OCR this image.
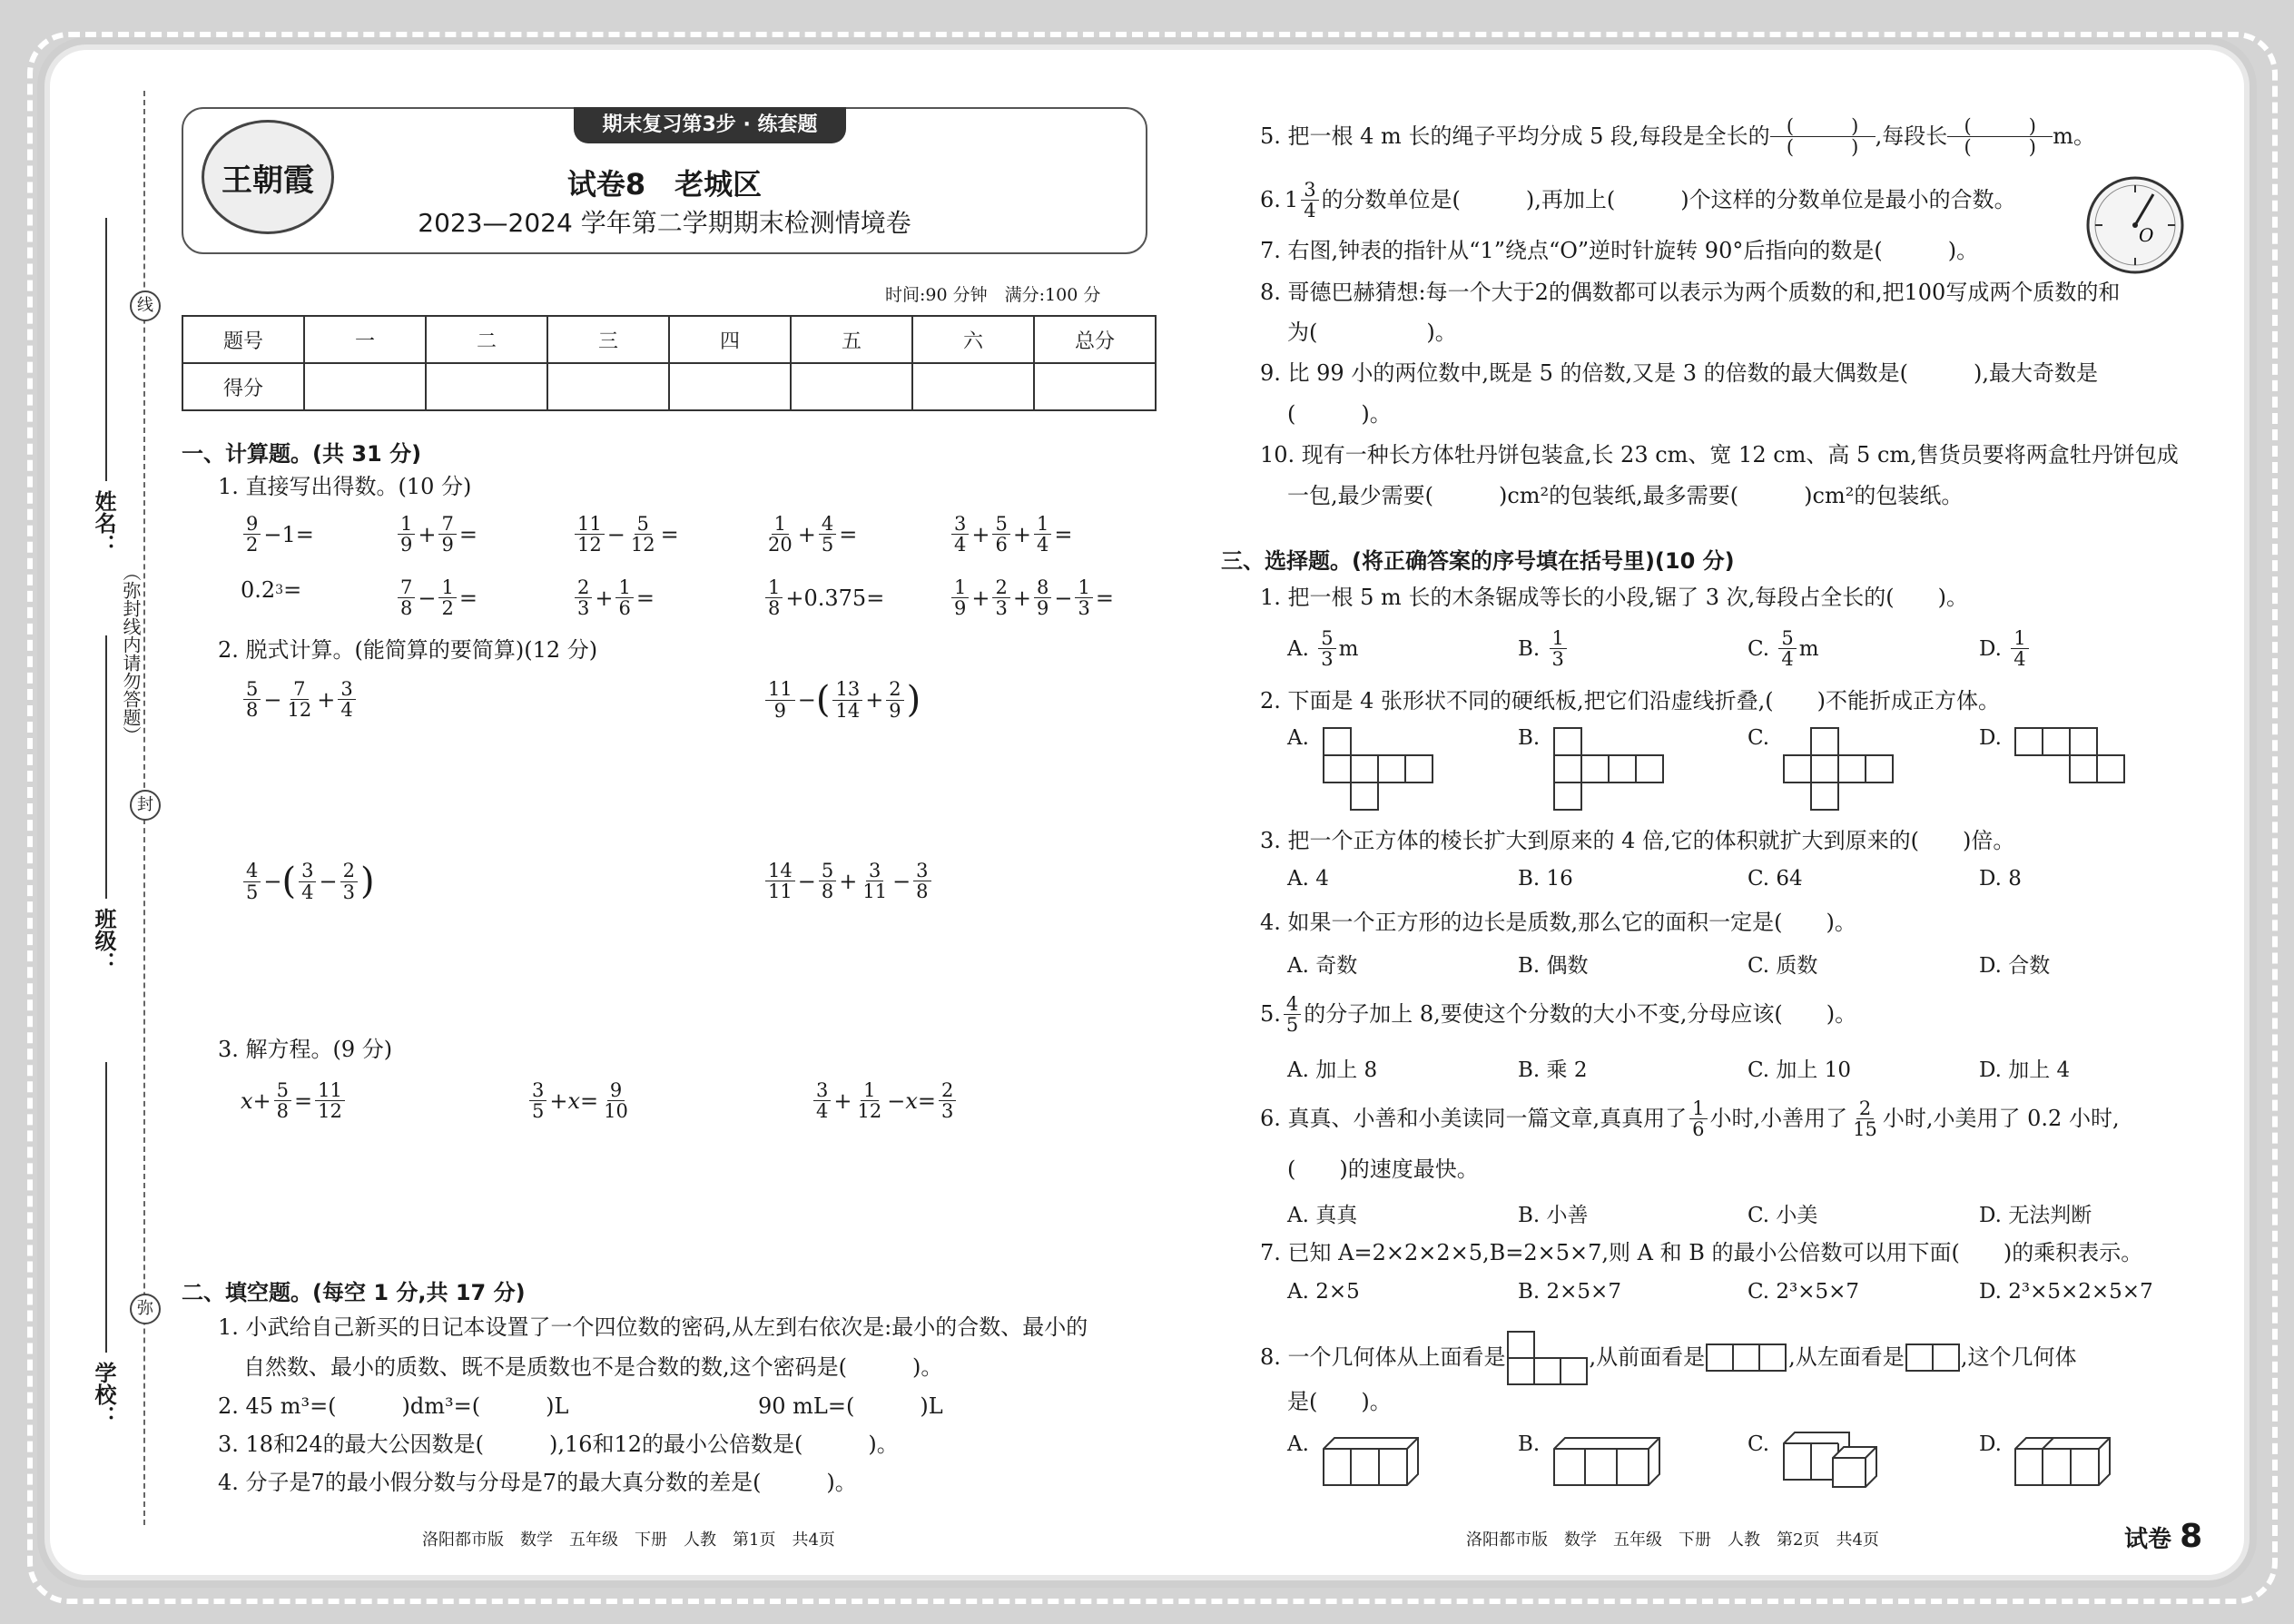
线
封
弥
（弥封线内请勿答题）
姓名：
班级：
学校：
期末复习第3步 · 练套题
王朝霞	试卷8　老城区
2023—2024 学年第二学期期末检测情境卷
时间:90 分钟　满分:100 分
题号	一	二	三	四	五	六	总分
得分							
一、计算题。(共 31 分)
1. 直接写出得数。(10 分)
$\frac{9}{2} -1=$	$\frac{1}{9} + \frac{7}{9}$ =	$\frac{11}{12} - \frac{5}{12}$ =	$\frac{1}{20} + \frac{4}{5}$ =	$\frac{3}{4} + \frac{5}{6} + \frac{1}{4}$ =
0.2 3 =	$\frac{7}{8} - \frac{1}{2}$ =	$\frac{2}{3} + \frac{1}{6}$ =	$\frac{1}{8} +0.375=$	$\frac{1}{9} + \frac{2}{3} + \frac{8}{9} - \frac{1}{3}$ =
2. 脱式计算。(能简算的要简算)(12 分)
$\frac{5}{8} - \frac{7}{12} + \frac{3}{4}$	$\frac{11}{9}$ − ( $\frac{13}{14} + \frac{2}{9}$ )
$\frac{4}{5}$ − ( $\frac{3}{4} - \frac{2}{3}$ )	$\frac{14}{11} - \frac{5}{8} + \frac{3}{11} - \frac{3}{8}$
3. 解方程。(9 分)
$x + \frac{5}{8} = \frac{11}{12}$	$\frac{3}{5} + x = \frac{9}{10}$	$\frac{3}{4} + \frac{1}{12} - x = \frac{2}{3}$
二、填空题。(每空 1 分,共 17 分)
1. 小武给自己新买的日记本设置了一个四位数的密码,从左到右依次是:最小的合数、最小的
自然数、最小的质数、既不是质数也不是合数的数,这个密码是(　　　)。
2. 45 m³=(　　　)dm³=(　　　)L	90 mL=(　　　)L
3. 18和24的最大公因数是(　　　),16和12的最小公倍数是(　　　)。
4. 分子是7的最小假分数与分母是7的最大真分数的差是(　　　)。
洛阳都市版　数学　五年级　下册　人教　第1页　共4页
5. 把一根 4 m 长的绳子平均分成 5 段,每段是全长的 $\frac{( )}{( )}$ ,每段长 $\frac{( )}{( )}$ m。
6. $1 \frac{3}{4}$ 的分数单位是(　　　),再加上(　　　)个这样的分数单位是最小的合数。
O
7. 右图,钟表的指针从“1”绕点“O”逆时针旋转 90°后指向的数是(　　　)。
8. 哥德巴赫猜想:每一个大于2的偶数都可以表示为两个质数的和,把100写成两个质数的和
为(　　　　　)。
9. 比 99 小的两位数中,既是 5 的倍数,又是 3 的倍数的最大偶数是(　　　),最大奇数是
(　　　)。
10. 现有一种长方体牡丹饼包装盒,长 23 cm、宽 12 cm、高 5 cm,售货员要将两盒牡丹饼包成
一包,最少需要(　　　)cm²的包装纸,最多需要(　　　)cm²的包装纸。
三、选择题。(将正确答案的序号填在括号里)(10 分)
1. 把一根 5 m 长的木条锯成等长的小段,锯了 3 次,每段占全长的(　　)。
A. $\frac{5}{3}$ m	B. $\frac{1}{3}$	C. $\frac{5}{4}$ m	D. $\frac{1}{4}$
2. 下面是 4 张形状不同的硬纸板,把它们沿虚线折叠,(　　)不能折成正方体。
A.	B.	C.	D.
3. 把一个正方体的棱长扩大到原来的 4 倍,它的体积就扩大到原来的(　　)倍。
A. 4	B. 16	C. 64	D. 8
4. 如果一个正方形的边长是质数,那么它的面积一定是(　　)。
A. 奇数	B. 偶数	C. 质数	D. 合数
5. $\frac{4}{5}$ 的分子加上 8,要使这个分数的大小不变,分母应该(　　)。
A. 加上 8	B. 乘 2	C. 加上 10	D. 加上 4
6. 真真、小善和小美读同一篇文章,真真用了 $\frac{1}{6}$ 小时,小善用了 $\frac{2}{15}$ 小时,小美用了 0.2 小时,
(　　)的速度最快。
A. 真真	B. 小善	C. 小美	D. 无法判断
7. 已知 A=2×2×2×5,B=2×5×7,则 A 和 B 的最小公倍数可以用下面(　　)的乘积表示。
A. 2×5	B. 2×5×7	C. 2³×5×7	D. 2³×5×2×5×7
8. 一个几何体从上面看是	,从前面看是	,从左面看是	,这个几何体
是(　　)。
A.	B.	C.	D.
洛阳都市版　数学　五年级　下册　人教　第2页　共4页	试卷 8
